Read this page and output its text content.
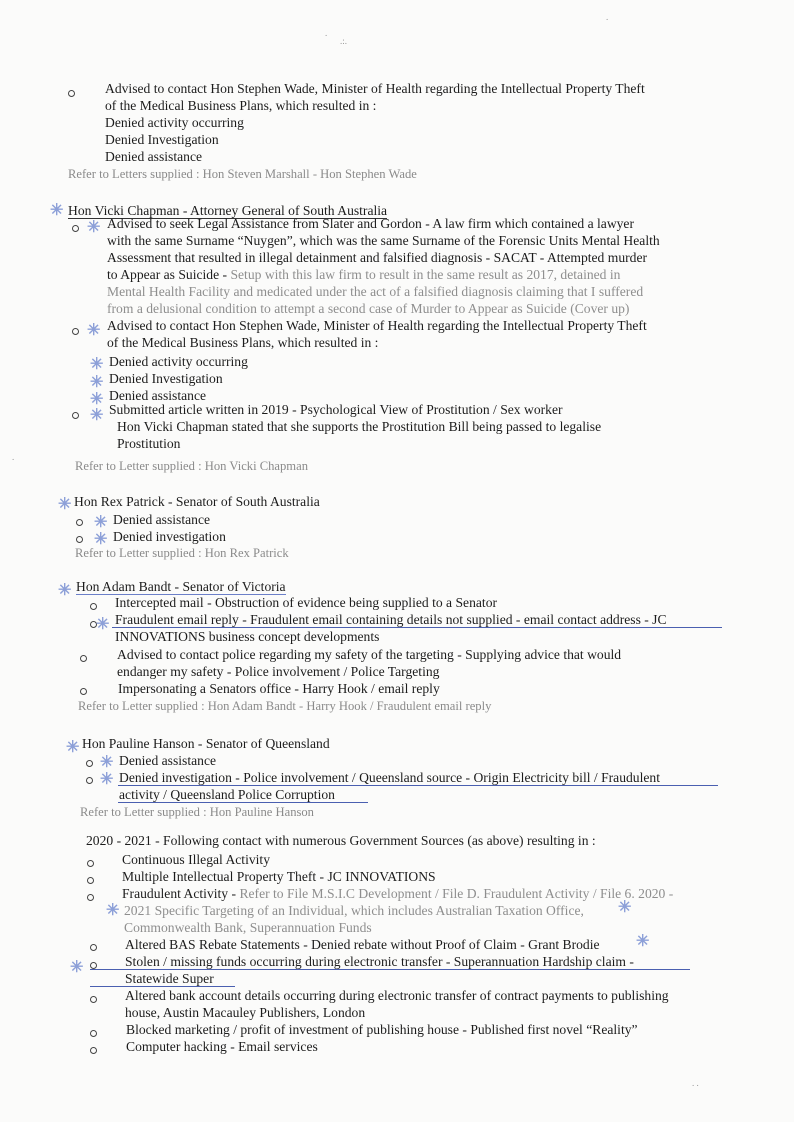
.
.:.
.
.
. .
Advised to contact Hon Stephen Wade, Minister of Health regarding the Intellectual Property Theft
of the Medical Business Plans, which resulted in :
Denied activity occurring
Denied Investigation
Denied assistance
Refer to Letters supplied : Hon Steven Marshall - Hon Stephen Wade
✳ Hon Vicki Chapman - Attorney General of South Australia
✳ Advised to seek Legal Assistance from Slater and Gordon - A law firm which contained a lawyer
with the same Surname “Nuygen”, which was the same Surname of the Forensic Units Mental Health
Assessment that resulted in illegal detainment and falsified diagnosis - SACAT - Attempted murder
to Appear as Suicide - Setup with this law firm to result in the same result as 2017, detained in
Mental Health Facility and medicated under the act of a falsified diagnosis claiming that I suffered
from a delusional condition to attempt a second case of Murder to Appear as Suicide (Cover up)
✳ Advised to contact Hon Stephen Wade, Minister of Health regarding the Intellectual Property Theft
of the Medical Business Plans, which resulted in :
✳
✳
✳
Denied activity occurring
Denied Investigation
Denied assistance
✳ Submitted article written in 2019 - Psychological View of Prostitution / Sex worker
Hon Vicki Chapman stated that she supports the Prostitution Bill being passed to legalise
Prostitution
Refer to Letter supplied : Hon Vicki Chapman
✳ Hon Rex Patrick - Senator of South Australia
✳ Denied assistance
✳ Denied investigation
Refer to Letter supplied : Hon Rex Patrick
✳ Hon Adam Bandt - Senator of Victoria
Intercepted mail - Obstruction of evidence being supplied to a Senator
✳ Fraudulent email reply - Fraudulent email containing details not supplied - email contact address - JC
INNOVATIONS business concept developments
Advised to contact police regarding my safety of the targeting - Supplying advice that would
endanger my safety - Police involvement / Police Targeting
Impersonating a Senators office - Harry Hook / email reply
Refer to Letter supplied : Hon Adam Bandt - Harry Hook / Fraudulent email reply
✳ Hon Pauline Hanson - Senator of Queensland
✳ Denied assistance
✳ Denied investigation - Police involvement / Queensland source - Origin Electricity bill / Fraudulent
activity / Queensland Police Corruption
Refer to Letter supplied : Hon Pauline Hanson
2020 - 2021 - Following contact with numerous Government Sources (as above) resulting in :
Continuous Illegal Activity
Multiple Intellectual Property Theft - JC INNOVATIONS
Fraudulent Activity - Refer to File M.S.I.C Development / File D. Fraudulent Activity / File 6. 2020 -
✳ 2021 Specific Targeting of an Individual, which includes Australian Taxation Office, ✳
Commonwealth Bank, Superannuation Funds
Altered BAS Rebate Statements - Denied rebate without Proof of Claim - Grant Brodie ✳
✳	Stolen / missing funds occurring during electronic transfer - Superannuation Hardship claim -
Statewide Super
Altered bank account details occurring during electronic transfer of contract payments to publishing
house, Austin Macauley Publishers, London
Blocked marketing / profit of investment of publishing house - Published first novel “Reality”
Computer hacking - Email services
